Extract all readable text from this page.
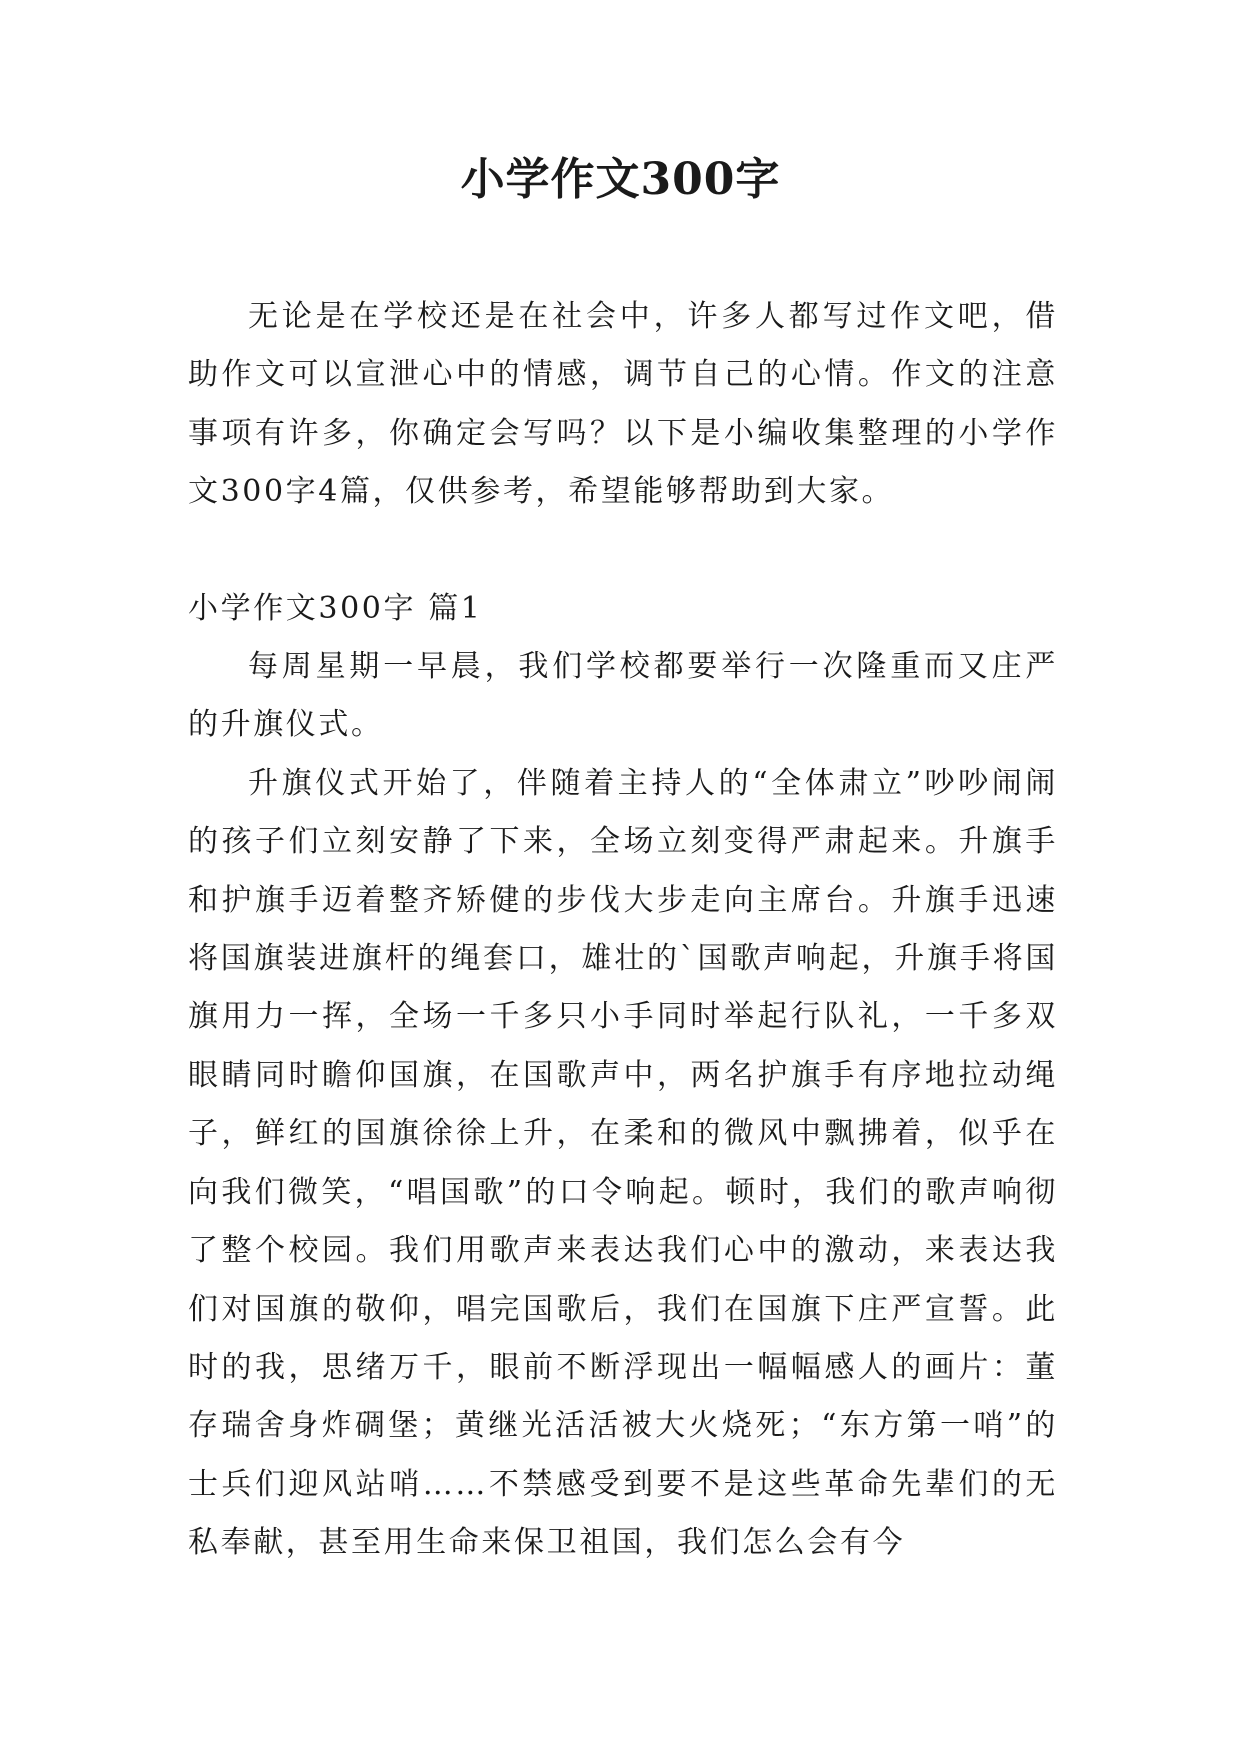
小学作文300字

无论是在学校还是在社会中，许多人都写过作文吧，借助作文可以宣泄心中的情感，调节自己的心情。作文的注意事项有许多，你确定会写吗？以下是小编收集整理的小学作文300字4篇，仅供参考，希望能够帮助到大家。

小学作文300字 篇1

每周星期一早晨，我们学校都要举行一次隆重而又庄严的升旗仪式。

升旗仪式开始了，伴随着主持人的“全体肃立”吵吵闹闹的孩子们立刻安静了下来，全场立刻变得严肃起来。升旗手和护旗手迈着整齐矫健的步伐大步走向主席台。升旗手迅速将国旗装进旗杆的绳套口，雄壮的`国歌声响起，升旗手将国旗用力一挥，全场一千多只小手同时举起行队礼，一千多双眼睛同时瞻仰国旗，在国歌声中，两名护旗手有序地拉动绳子，鲜红的国旗徐徐上升，在柔和的微风中飘拂着，似乎在向我们微笑，“唱国歌”的口令响起。顿时，我们的歌声响彻了整个校园。我们用歌声来表达我们心中的激动，来表达我们对国旗的敬仰，唱完国歌后，我们在国旗下庄严宣誓。此时的我，思绪万千，眼前不断浮现出一幅幅感人的画片：董存瑞舍身炸碉堡；黄继光活活被大火烧死；“东方第一哨”的士兵们迎风站哨……不禁感受到要不是这些革命先辈们的无私奉献，甚至用生命来保卫祖国，我们怎么会有今
